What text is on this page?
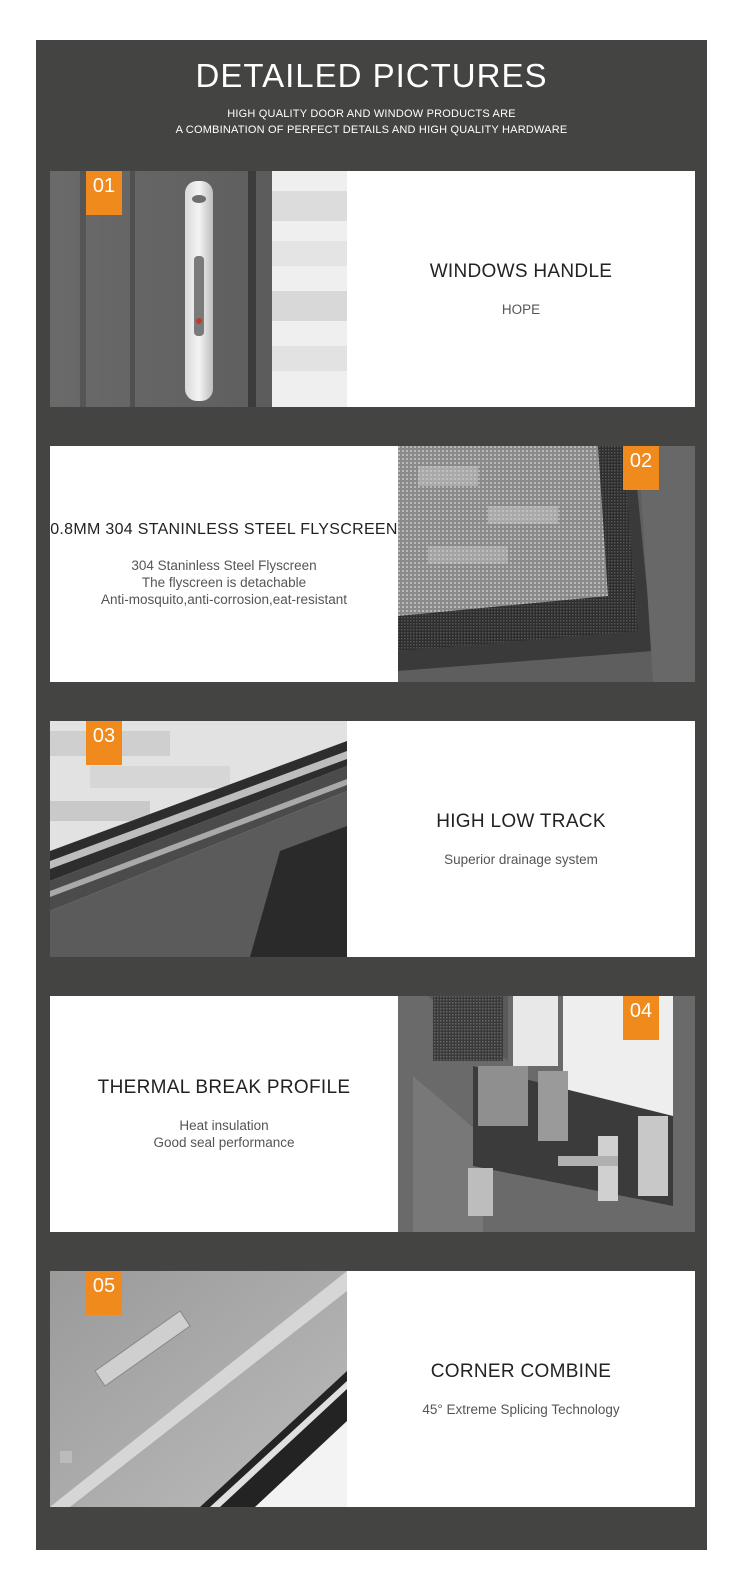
DETAILED PICTURES
HIGH QUALITY DOOR AND WINDOW PRODUCTS ARE
A COMBINATION OF PERFECT DETAILS AND HIGH QUALITY HARDWARE
01
WINDOWS HANDLE
HOPE
0.8MM 304 STANINLESS STEEL FLYSCREEN
304 Staninless Steel Flyscreen
The flyscreen is detachable
Anti-mosquito,anti-corrosion,eat-resistant
02
03
HIGH LOW TRACK
Superior drainage system
THERMAL BREAK PROFILE
Heat insulation
Good seal performance
04
05
CORNER COMBINE
45° Extreme Splicing Technology
